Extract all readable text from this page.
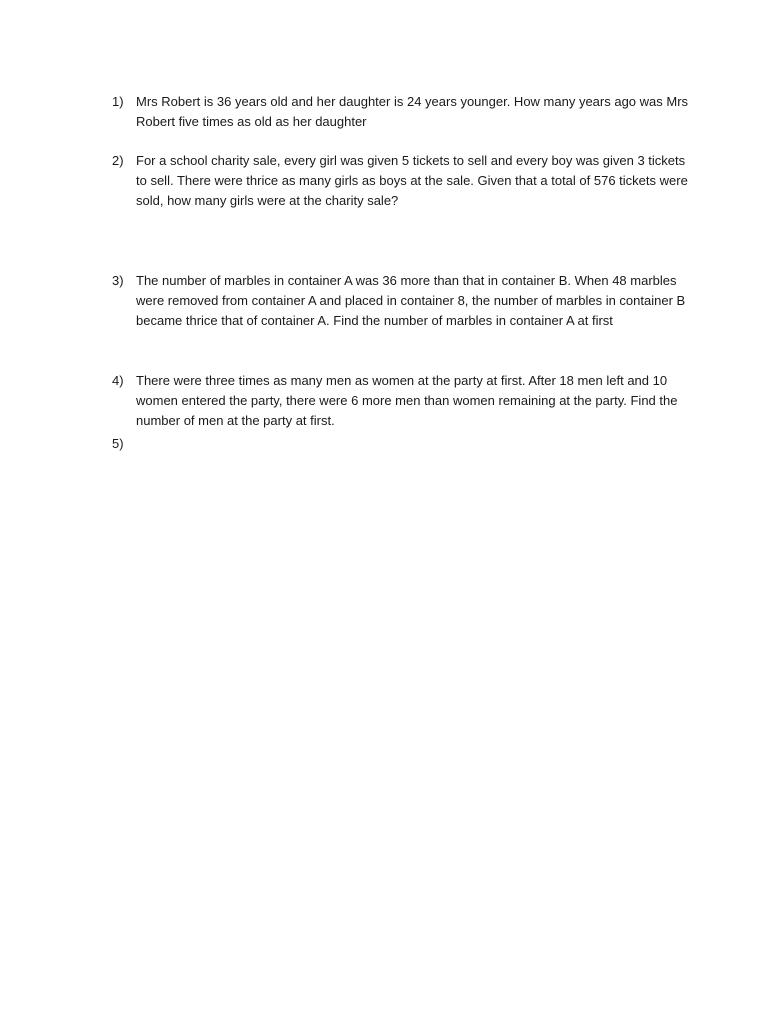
1) Mrs Robert is 36 years old and her daughter is 24 years younger. How many years ago was Mrs
Robert five times as old as her daughter
2) For a school charity sale, every girl was given 5 tickets to sell and every boy was given 3 tickets
to sell. There were thrice as many girls as boys at the sale. Given that a total of 576 tickets were
sold, how many girls were at the charity sale?
3) The number of marbles in container A was 36 more than that in container B. When 48 marbles
were removed from container A and placed in container 8, the number of marbles in container B
became thrice that of container A. Find the number of marbles in container A at first
4) There were three times as many men as women at the party at first. After 18 men left and 10
women entered the party, there were 6 more men than women remaining at the party. Find the
number of men at the party at first.
5)
